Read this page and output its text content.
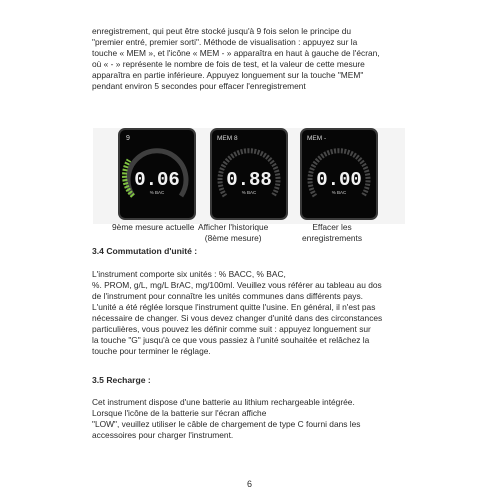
enregistrement, qui peut être stocké jusqu'à 9 fois selon le principe du

"premier entré, premier sorti". Méthode de visualisation : appuyez sur la

touche « MEM », et l'icône « MEM - » apparaîtra en haut à gauche de l'écran,

où « - » représente le nombre de fois de test, et la valeur de cette mesure

apparaîtra en partie inférieure. Appuyez longuement sur la touche "MEM"

pendant environ 5 secondes pour effacer l'enregistrement

9
0.06
% BAC
MEM 8
0.88
% BAC
MEM -
0.00
% BAC
9ème mesure actuelle Afficher l'historique
(8ème mesure)
Effacer les
enregistrements
3.4 Commutation d'unité :

L'instrument comporte six unités : % BACC, % BAC,

%. PROM, g/L, mg/L BrAC, mg/100ml. Veuillez vous référer au tableau au dos

de l'instrument pour connaître les unités communes dans différents pays.

L'unité a été réglée lorsque l'instrument quitte l'usine. En général, il n'est pas

nécessaire de changer. Si vous devez changer d'unité dans des circonstances

particulières, vous pouvez les définir comme suit : appuyez longuement sur

la touche "G" jusqu'à ce que vous passiez à l'unité souhaitée et relâchez la

touche pour terminer le réglage.

3.5 Recharge :

Cet instrument dispose d'une batterie au lithium rechargeable intégrée.

Lorsque l'icône de la batterie sur l'écran affiche

"LOW", veuillez utiliser le câble de chargement de type C fourni dans les

accessoires pour charger l'instrument.

6
